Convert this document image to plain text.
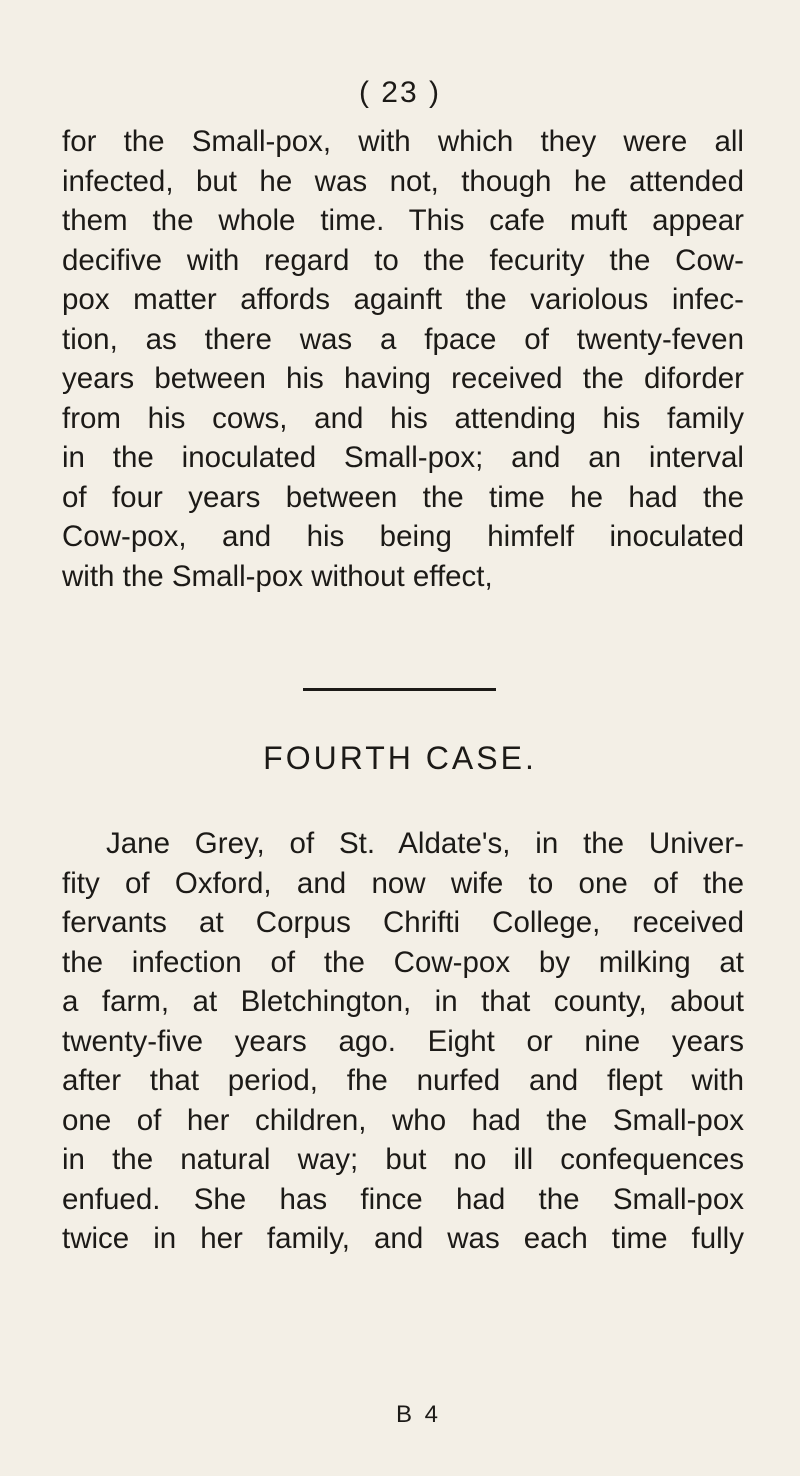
( 23 )
for the Small-pox, with which they were all
infected, but he was not, though he attended
them the whole time. This cafe muft appear
decifive with regard to the fecurity the Cow-
pox matter affords againft the variolous infec-
tion, as there was a fpace of twenty-feven
years between his having received the diforder
from his cows, and his attending his family
in the inoculated Small-pox; and an interval
of four years between the time he had the
Cow-pox, and his being himfelf inoculated
with the Small-pox without effect,
FOURTH CASE.
Jane Grey, of St. Aldate's, in the Univer-
fity of Oxford, and now wife to one of the
fervants at Corpus Chrifti College, received
the infection of the Cow-pox by milking at
a farm, at Bletchington, in that county, about
twenty-five years ago. Eight or nine years
after that period, fhe nurfed and flept with
one of her children, who had the Small-pox
in the natural way; but no ill confequences
enfued. She has fince had the Small-pox
twice in her family, and was each time fully
B 4
